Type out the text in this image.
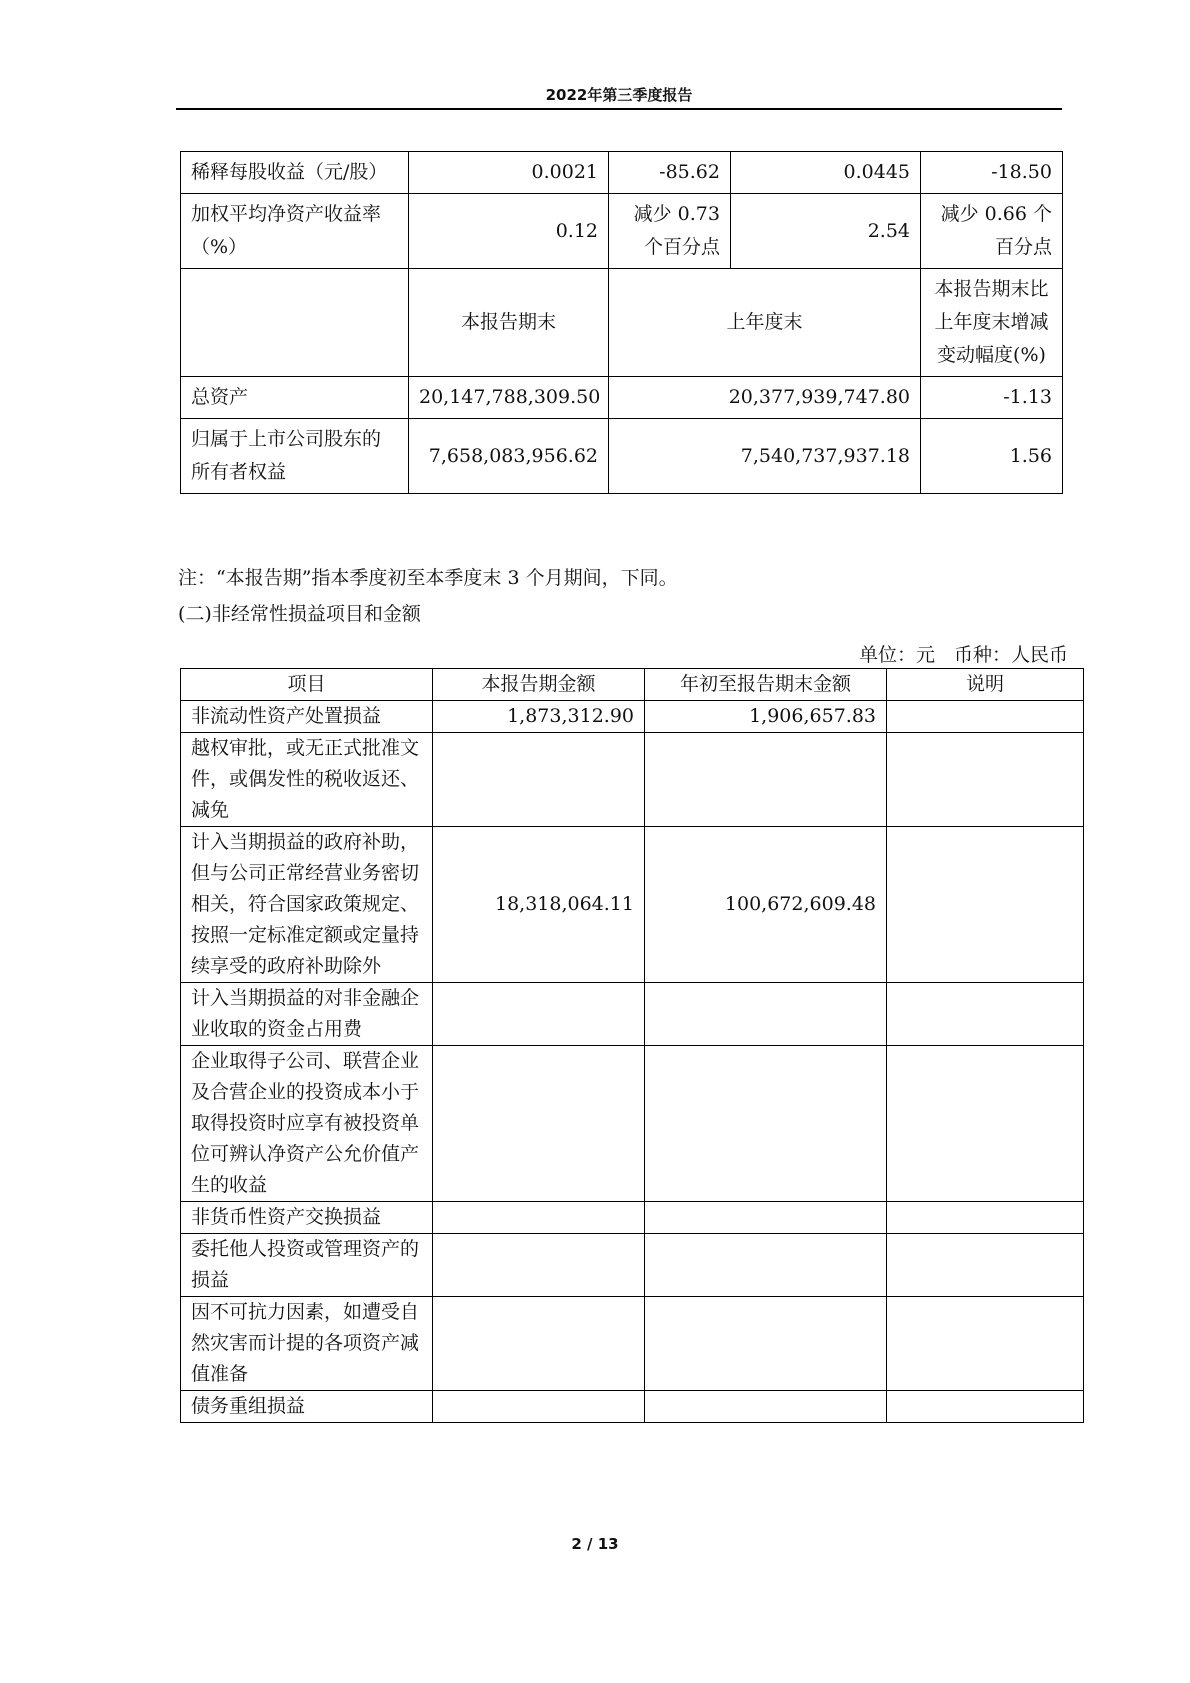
2022年第三季度报告
稀释每股收益（元/股）	0.0021	-85.62	0.0445	-18.50
加权平均净资产收益率（%）	0.12	减少 0.73 个百分点	2.54	减少 0.66 个百分点
	本报告期末	上年度末		本报告期末比上年度末增减变动幅度(%)
总资产	20,147,788,309.50	20,377,939,747.80		-1.13
归属于上市公司股东的所有者权益	7,658,083,956.62	7,540,737,937.18		1.56
注：“本报告期”指本季度初至本季度末 3 个月期间，下同。
(二)非经常性损益项目和金额
单位：元　币种：人民币
项目	本报告期金额	年初至报告期末金额	说明
非流动性资产处置损益	1,873,312.90	1,906,657.83	
越权审批，或无正式批准文件，或偶发性的税收返还、减免			
计入当期损益的政府补助，但与公司正常经营业务密切相关，符合国家政策规定、按照一定标准定额或定量持续享受的政府补助除外	18,318,064.11	100,672,609.48	
计入当期损益的对非金融企业收取的资金占用费			
企业取得子公司、联营企业及合营企业的投资成本小于取得投资时应享有被投资单位可辨认净资产公允价值产生的收益			
非货币性资产交换损益			
委托他人投资或管理资产的损益			
因不可抗力因素，如遭受自然灾害而计提的各项资产减值准备			
债务重组损益			
2 / 13
